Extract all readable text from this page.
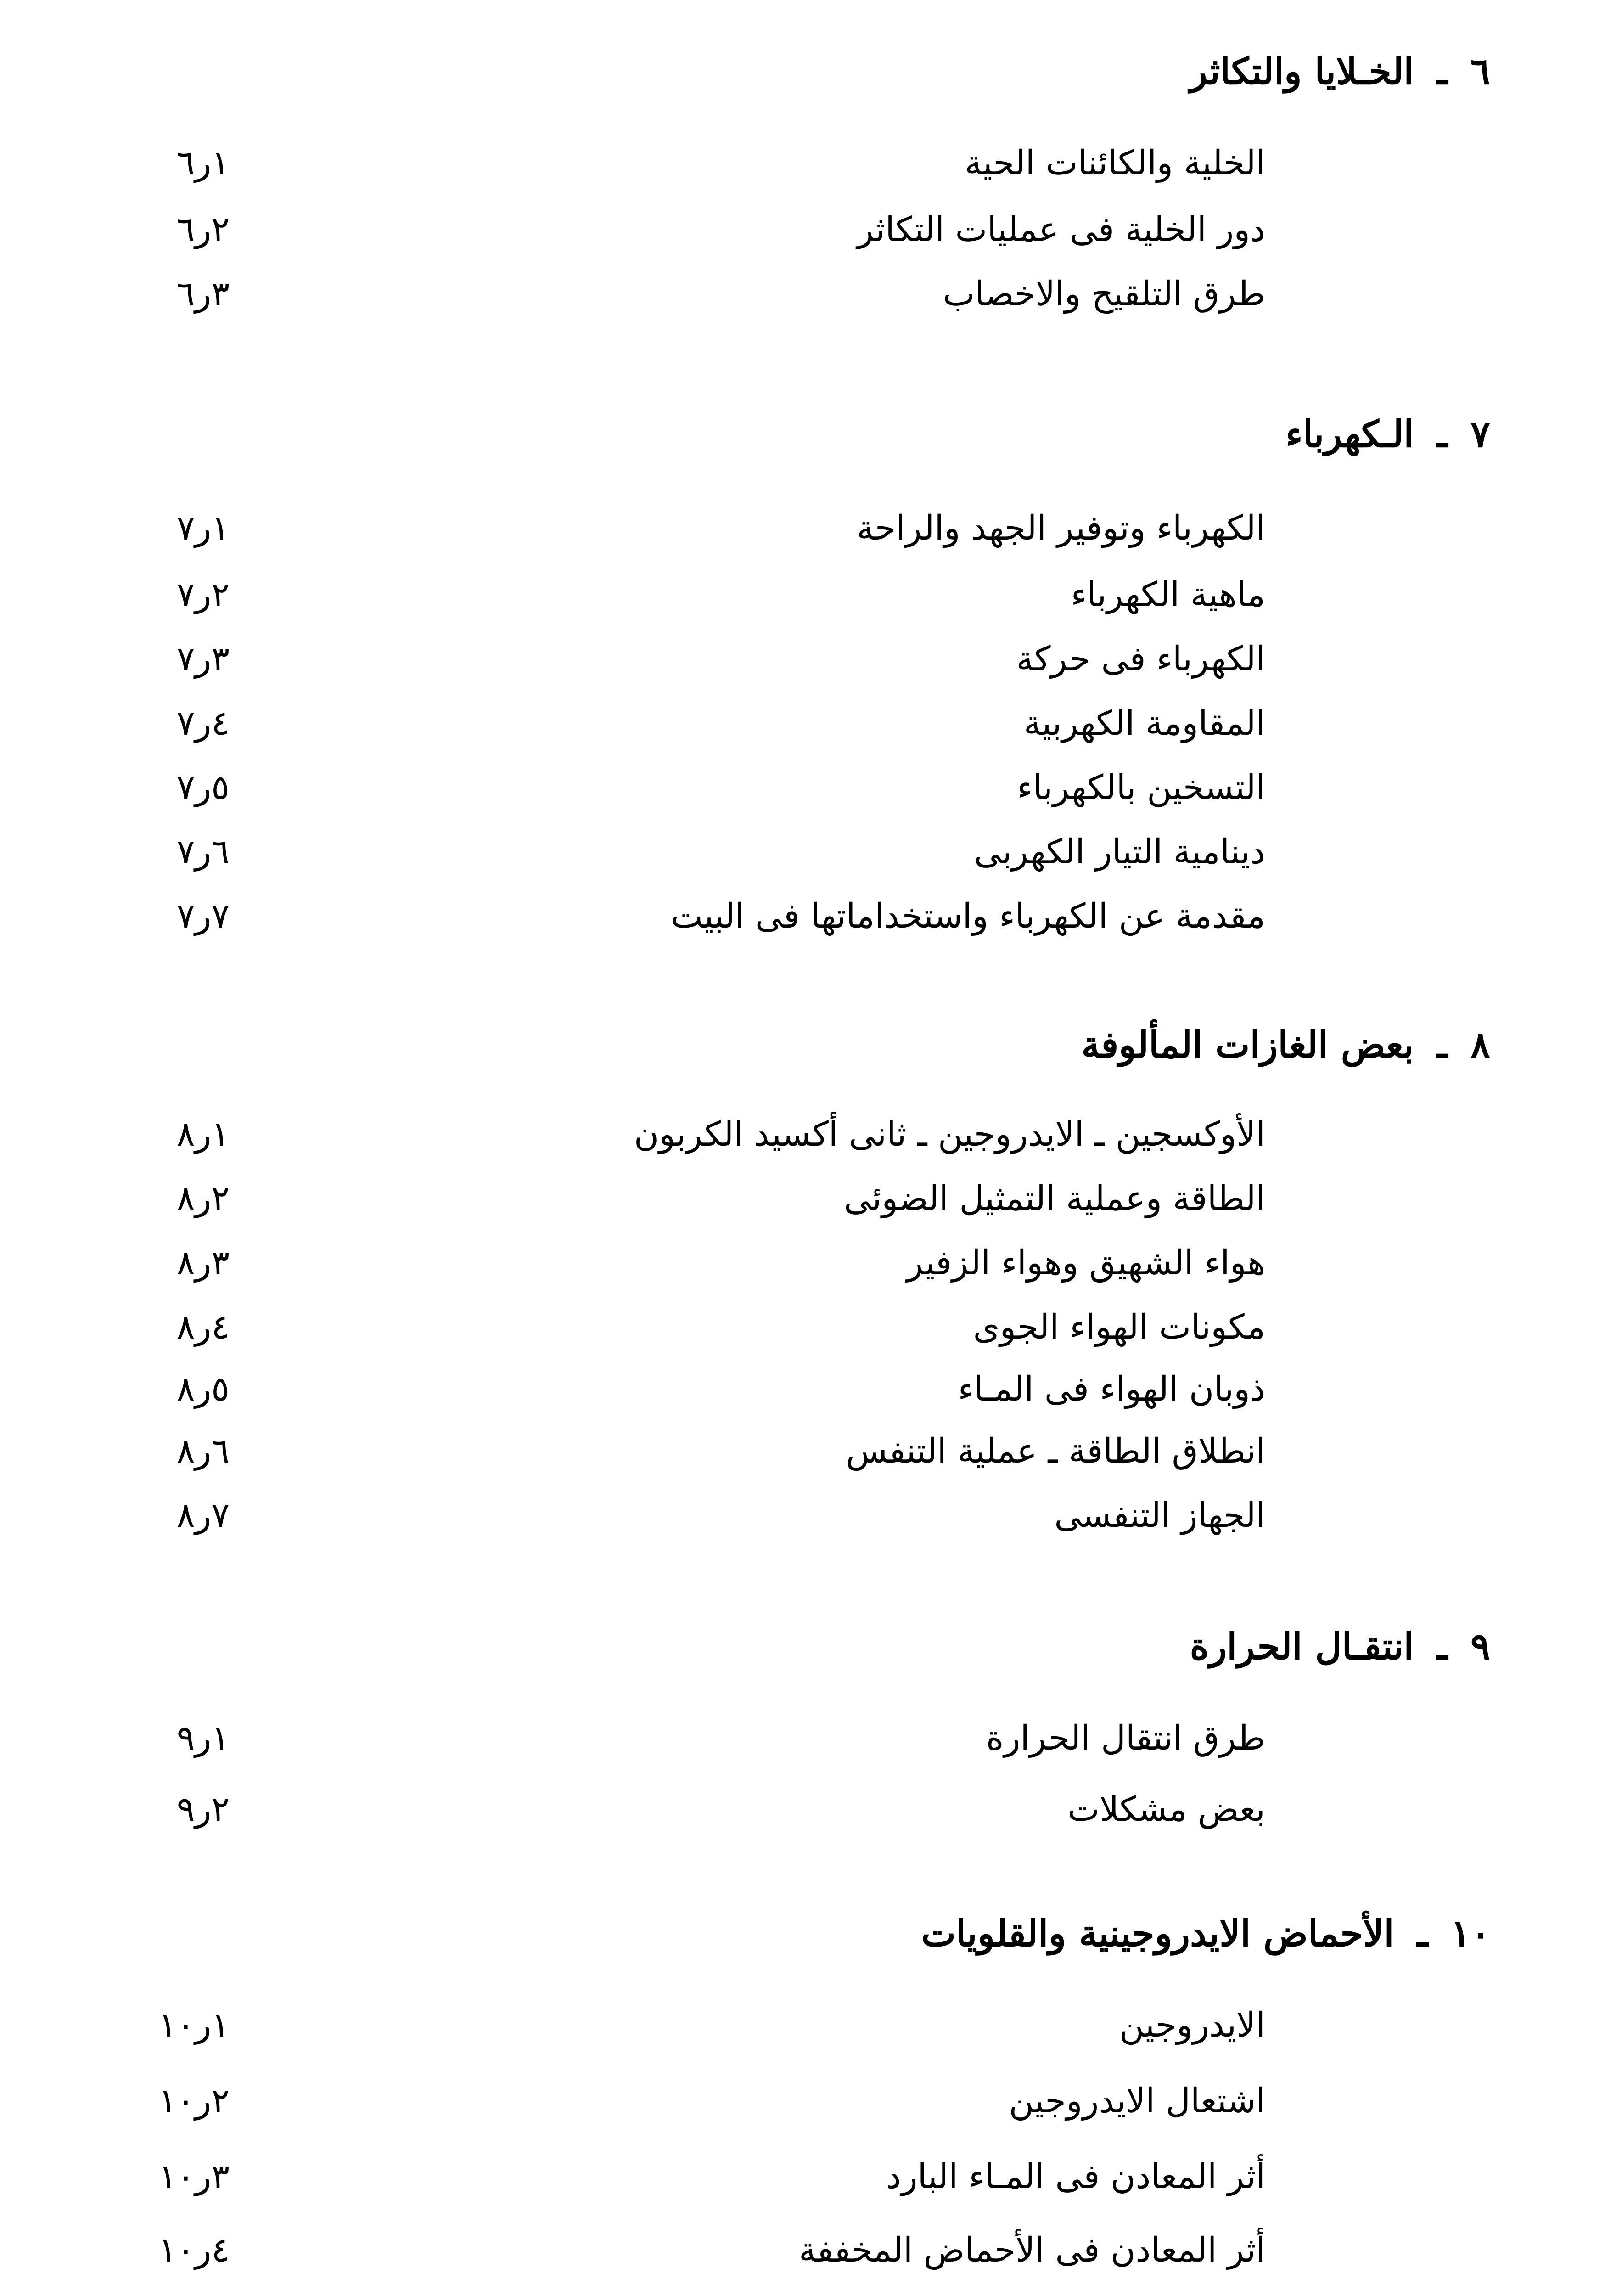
٦ـالخـلايا والتكاثر
الخلية والكائنات الحية
١ر٦
دور الخلية فى عمليات التكاثر
٢ر٦
طرق التلقيح والاخصاب
٣ر٦
٧ـالـكهرباء
الكهرباء وتوفير الجهد والراحة
١ر٧
ماهية الكهرباء
٢ر٧
الكهرباء فى حركة
٣ر٧
المقاومة الكهربية
٤ر٧
التسخين بالكهرباء
٥ر٧
دينامية التيار الكهربى
٦ر٧
مقدمة عن الكهرباء واستخداماتها فى البيت
٧ر٧
٨ـبعض الغازات المألوفة
الأوكسجين ـ الايدروجين ـ ثانى أكسيد الكربون
١ر٨
الطاقة وعملية التمثيل الضوئى
٢ر٨
هواء الشهيق وهواء الزفير
٣ر٨
مكونات الهواء الجوى
٤ر٨
ذوبان الهواء فى المـاء
٥ر٨
انطلاق الطاقة ـ عملية التنفس
٦ر٨
الجهاز التنفسى
٧ر٨
٩ـانتقـال الحرارة
طرق انتقال الحرارة
١ر٩
بعض مشكلات
٢ر٩
١٠ـالأحماض الايدروجينية والقلويات
الايدروجين
١ر١٠
اشتعال الايدروجين
٢ر١٠
أثر المعادن فى المـاء البارد
٣ر١٠
أثر المعادن فى الأحماض المخففة
٤ر١٠
